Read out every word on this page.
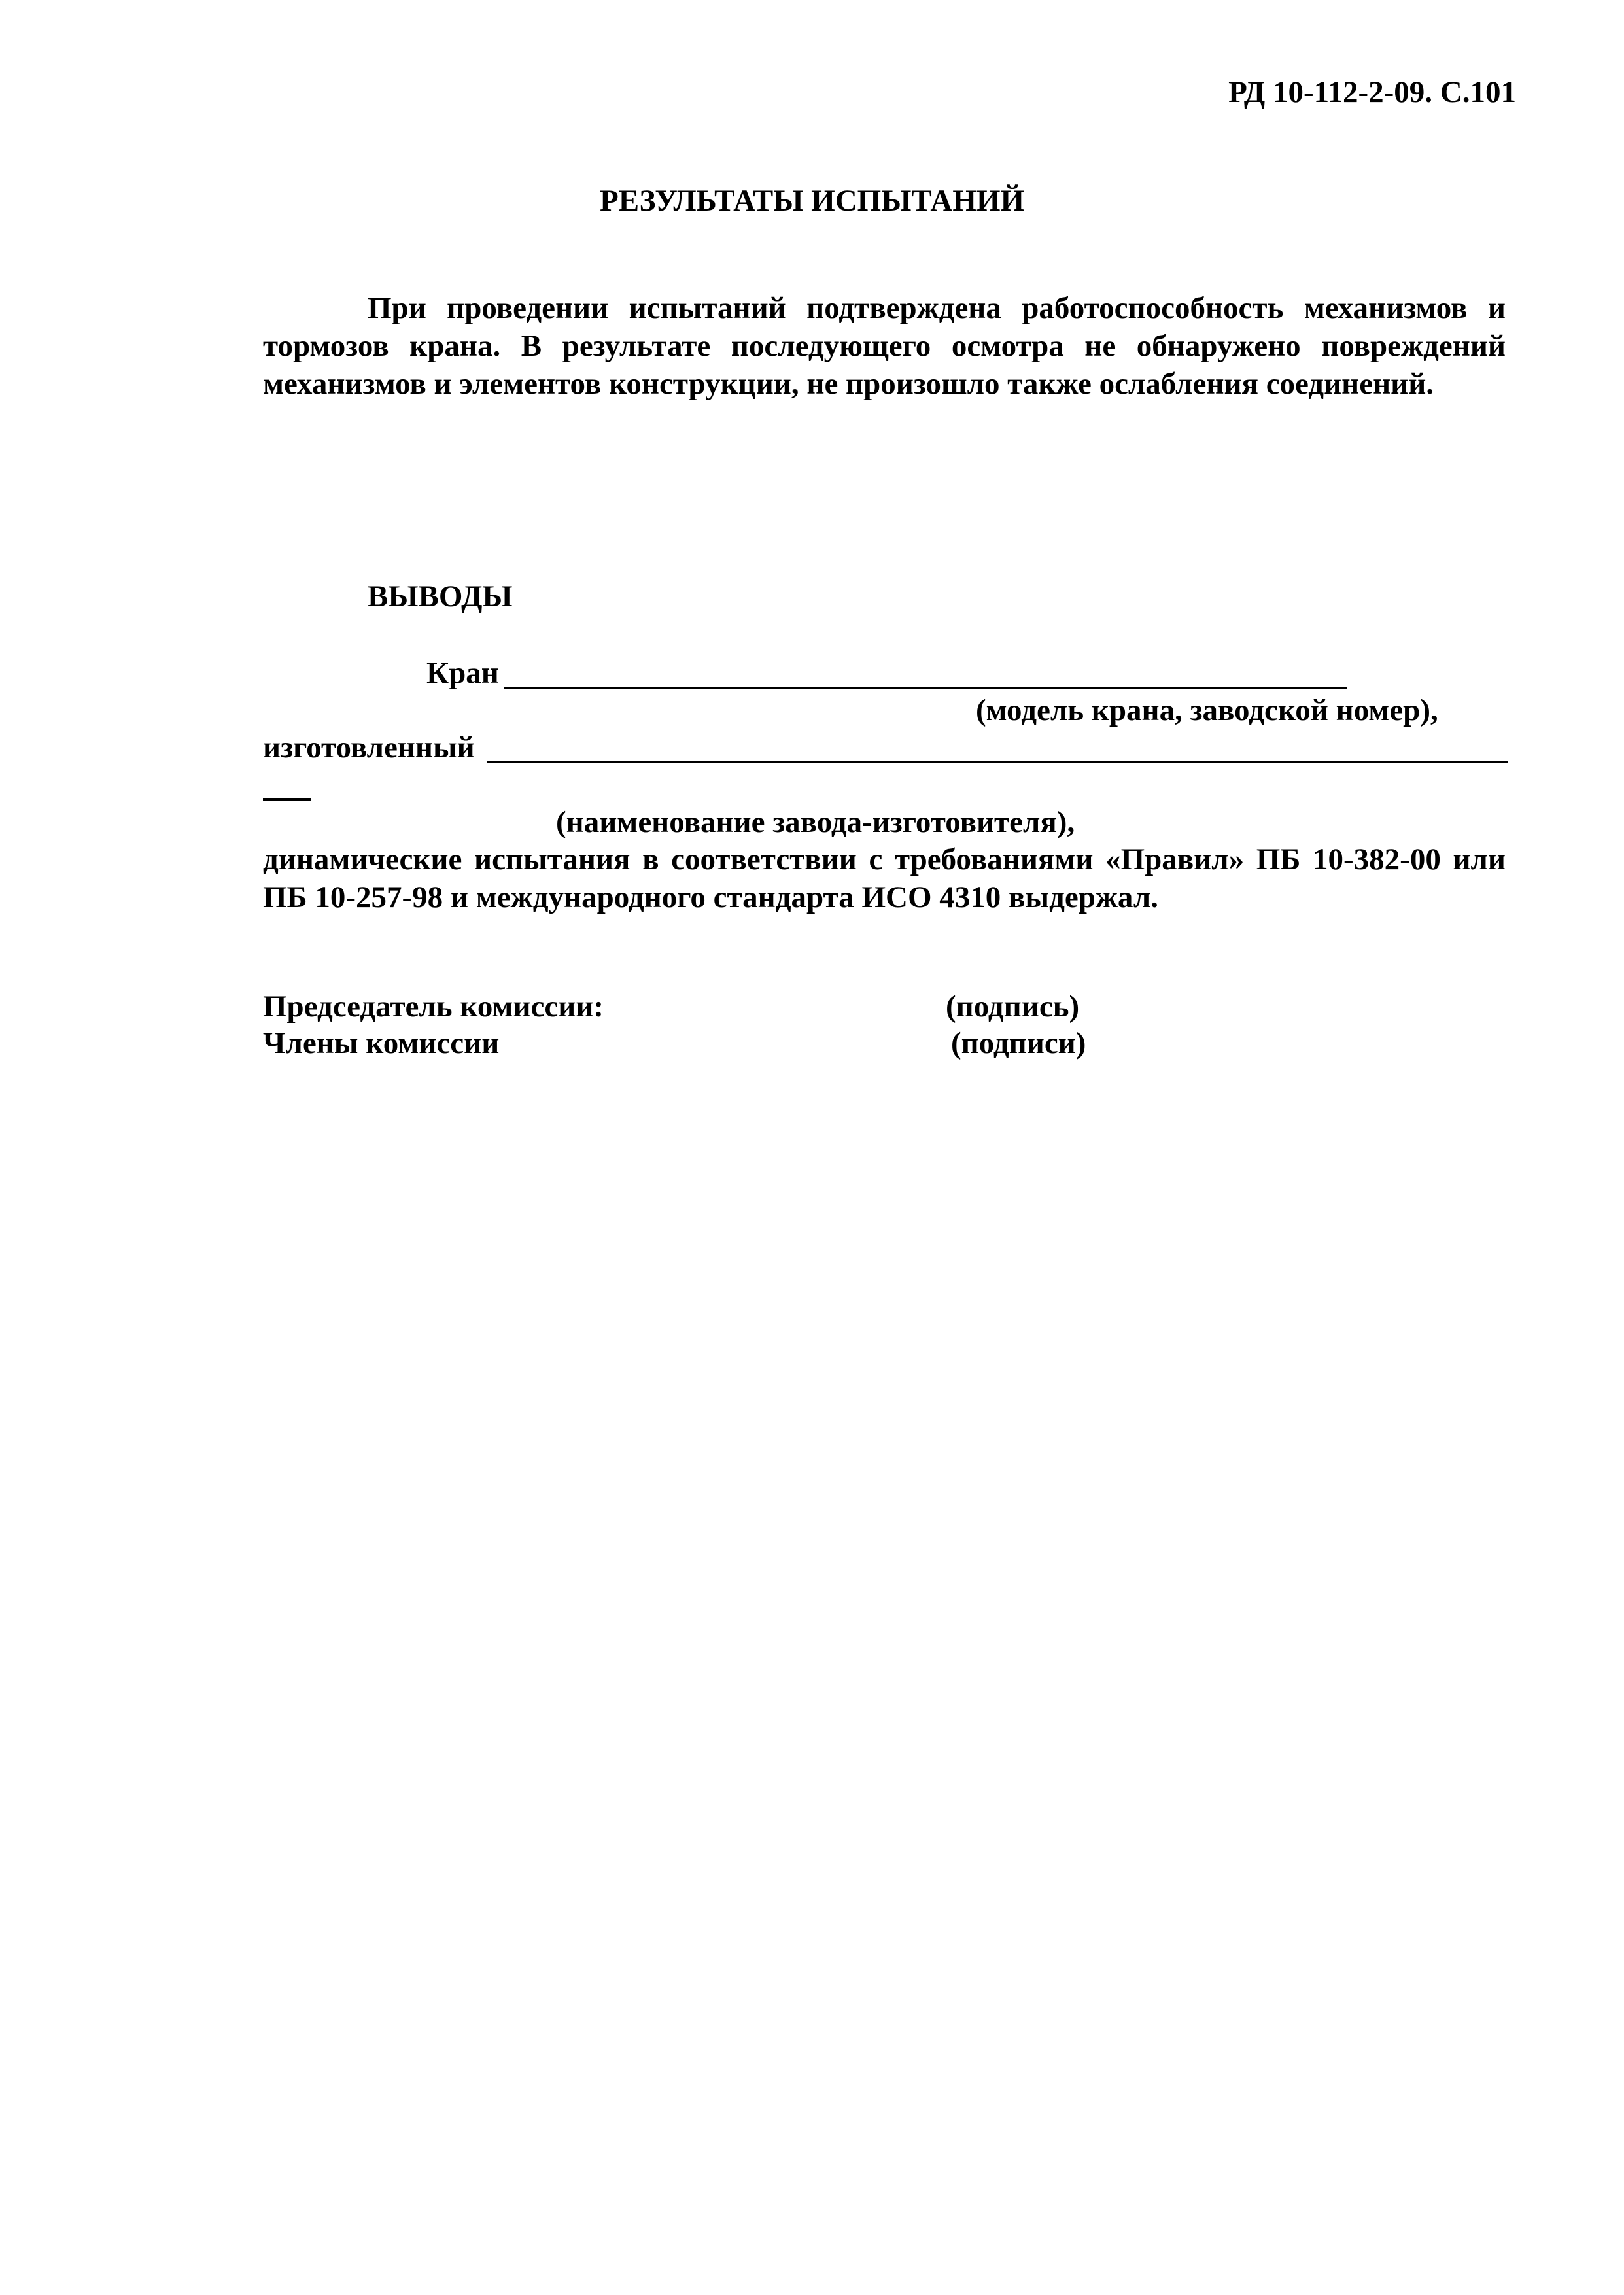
РД 10-112-2-09. С.101
РЕЗУЛЬТАТЫ ИСПЫТАНИЙ
При проведении испытаний подтверждена работоспособность механизмов и тормозов крана. В результате последующего осмотра не обнаружено повреждений механизмов и элементов конструкции, не произошло также ослабления соединений.
ВЫВОДЫ
Кран
(модель крана, заводской номер),
изготовленный
(наименование завода-изготовителя),
динамические испытания в соответствии с требованиями «Правил» ПБ 10-382-00 или ПБ 10-257-98 и международного стандарта ИСО 4310 выдержал.
Председатель комиссии:	(подпись)
Члены комиссии	(подписи)
